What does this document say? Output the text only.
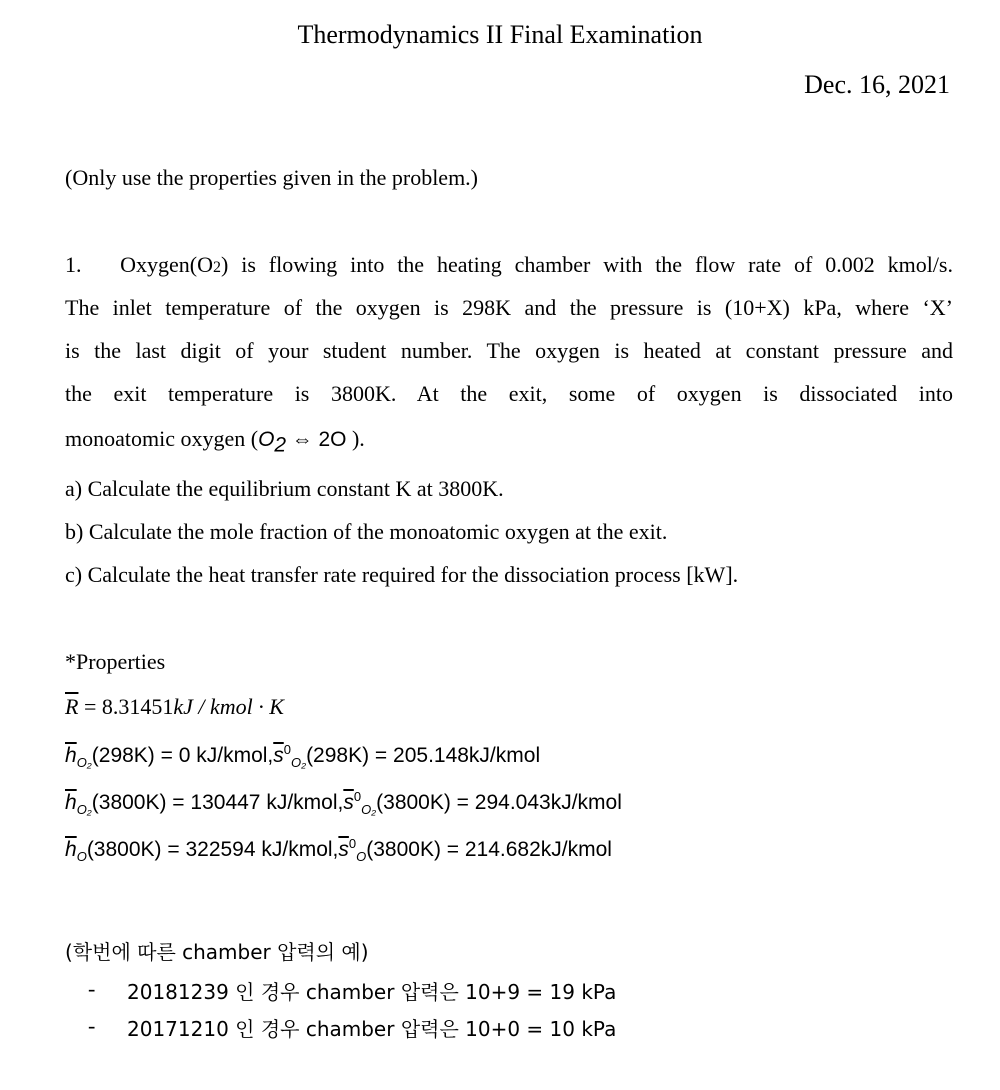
Thermodynamics II Final Examination
Dec. 16, 2021
(Only use the properties given in the problem.)
1. Oxygen(O2) is flowing into the heating chamber with the flow rate of 0.002 kmol/s.
The inlet temperature of the oxygen is 298K and the pressure is (10+X) kPa, where ‘X’
is the last digit of your student number. The oxygen is heated at constant pressure and
the exit temperature is 3800K. At the exit, some of oxygen is dissociated into
monoatomic oxygen ($O_2$ ⇔ 2O ).
a) Calculate the equilibrium constant K at 3800K.
b) Calculate the mole fraction of the monoatomic oxygen at the exit.
c) Calculate the heat transfer rate required for the dissociation process [kW].
*Properties
$\overline{R} = 8.31451kJ$ / kmol · K
$\overline{h}_{O_2}(298K) = 0$ $kJ/kmol,\overline{s}^0_{O_2}(298K)$ = 205.148kJ/kmol
$\overline{h}_{O_2}(3800K) = 130447$ $kJ/kmol,\overline{s}^0_{O_2}(3800K)$ = 294.043kJ/kmol
$\overline{h}_O(3800K) = 322594$ $kJ/kmol,\overline{s}^0_O(3800K)$ = 214.682kJ/kmol
(학번에 따른 chamber 압력의 예)
- 20181239 인 경우 chamber 압력은 10+9 = 19 kPa
- 20171210 인 경우 chamber 압력은 10+0 = 10 kPa
